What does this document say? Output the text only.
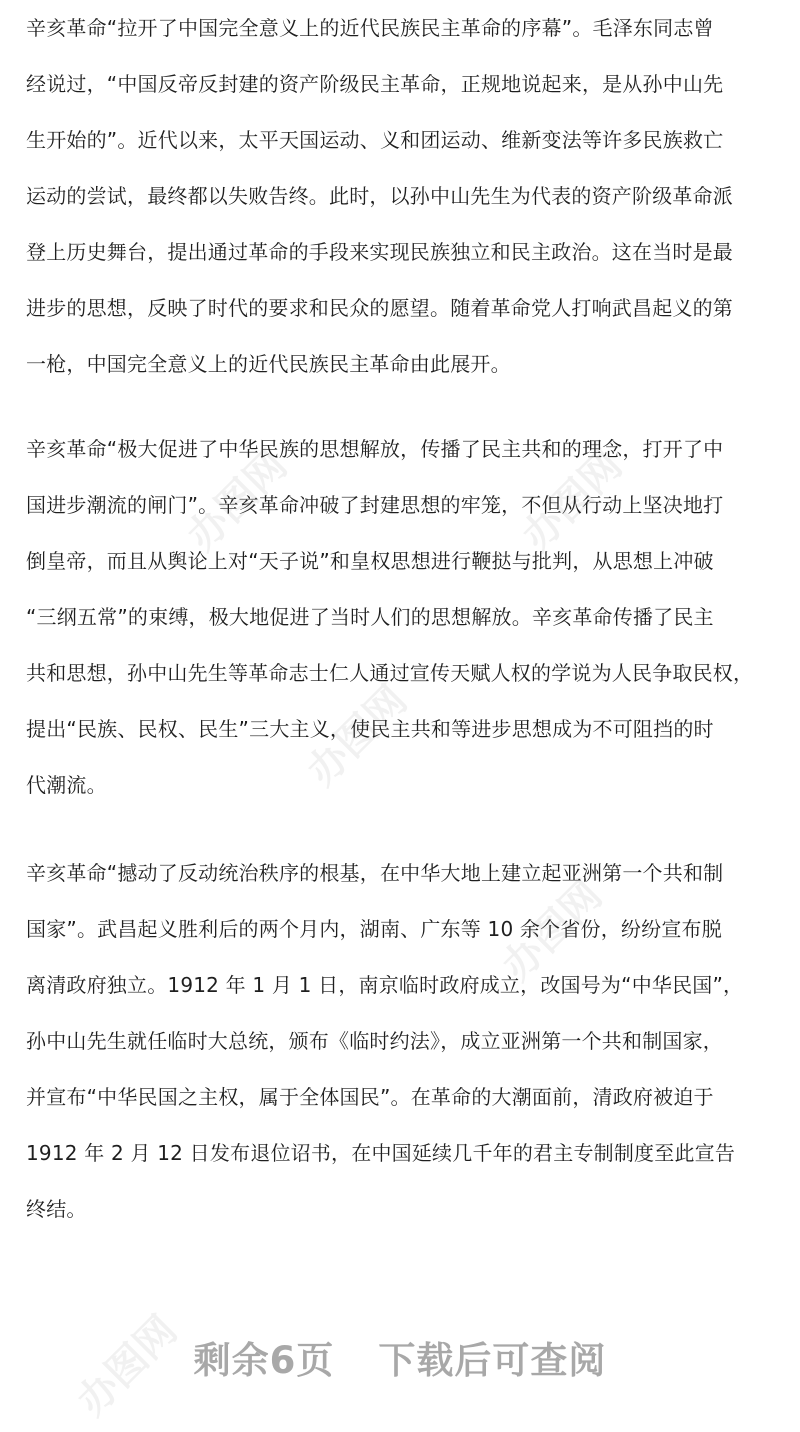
辛亥革命“拉开了中国完全意义上的近代民族民主革命的序幕”。毛泽东同志曾
经说过，“中国反帝反封建的资产阶级民主革命，正规地说起来，是从孙中山先
生开始的”。近代以来，太平天国运动、义和团运动、维新变法等许多民族救亡
运动的尝试，最终都以失败告终。此时，以孙中山先生为代表的资产阶级革命派
登上历史舞台，提出通过革命的手段来实现民族独立和民主政治。这在当时是最
进步的思想，反映了时代的要求和民众的愿望。随着革命党人打响武昌起义的第
一枪，中国完全意义上的近代民族民主革命由此展开。
辛亥革命“极大促进了中华民族的思想解放，传播了民主共和的理念，打开了中
国进步潮流的闸门”。辛亥革命冲破了封建思想的牢笼，不但从行动上坚决地打
倒皇帝，而且从舆论上对“天子说”和皇权思想进行鞭挞与批判，从思想上冲破
“三纲五常”的束缚，极大地促进了当时人们的思想解放。辛亥革命传播了民主
共和思想，孙中山先生等革命志士仁人通过宣传天赋人权的学说为人民争取民权，
提出“民族、民权、民生”三大主义，使民主共和等进步思想成为不可阻挡的时
代潮流。
辛亥革命“撼动了反动统治秩序的根基，在中华大地上建立起亚洲第一个共和制
国家”。武昌起义胜利后的两个月内，湖南、广东等 10 余个省份，纷纷宣布脱
离清政府独立。1912 年 1 月 1 日，南京临时政府成立，改国号为“中华民国”，
孙中山先生就任临时大总统，颁布《临时约法》，成立亚洲第一个共和制国家，
并宣布“中华民国之主权，属于全体国民”。在革命的大潮面前，清政府被迫于
1912 年 2 月 12 日发布退位诏书，在中国延续几千年的君主专制制度至此宣告
终结。
办图网	办图网
办图网
办图网
办图网 剩余6页 下载后可查阅
